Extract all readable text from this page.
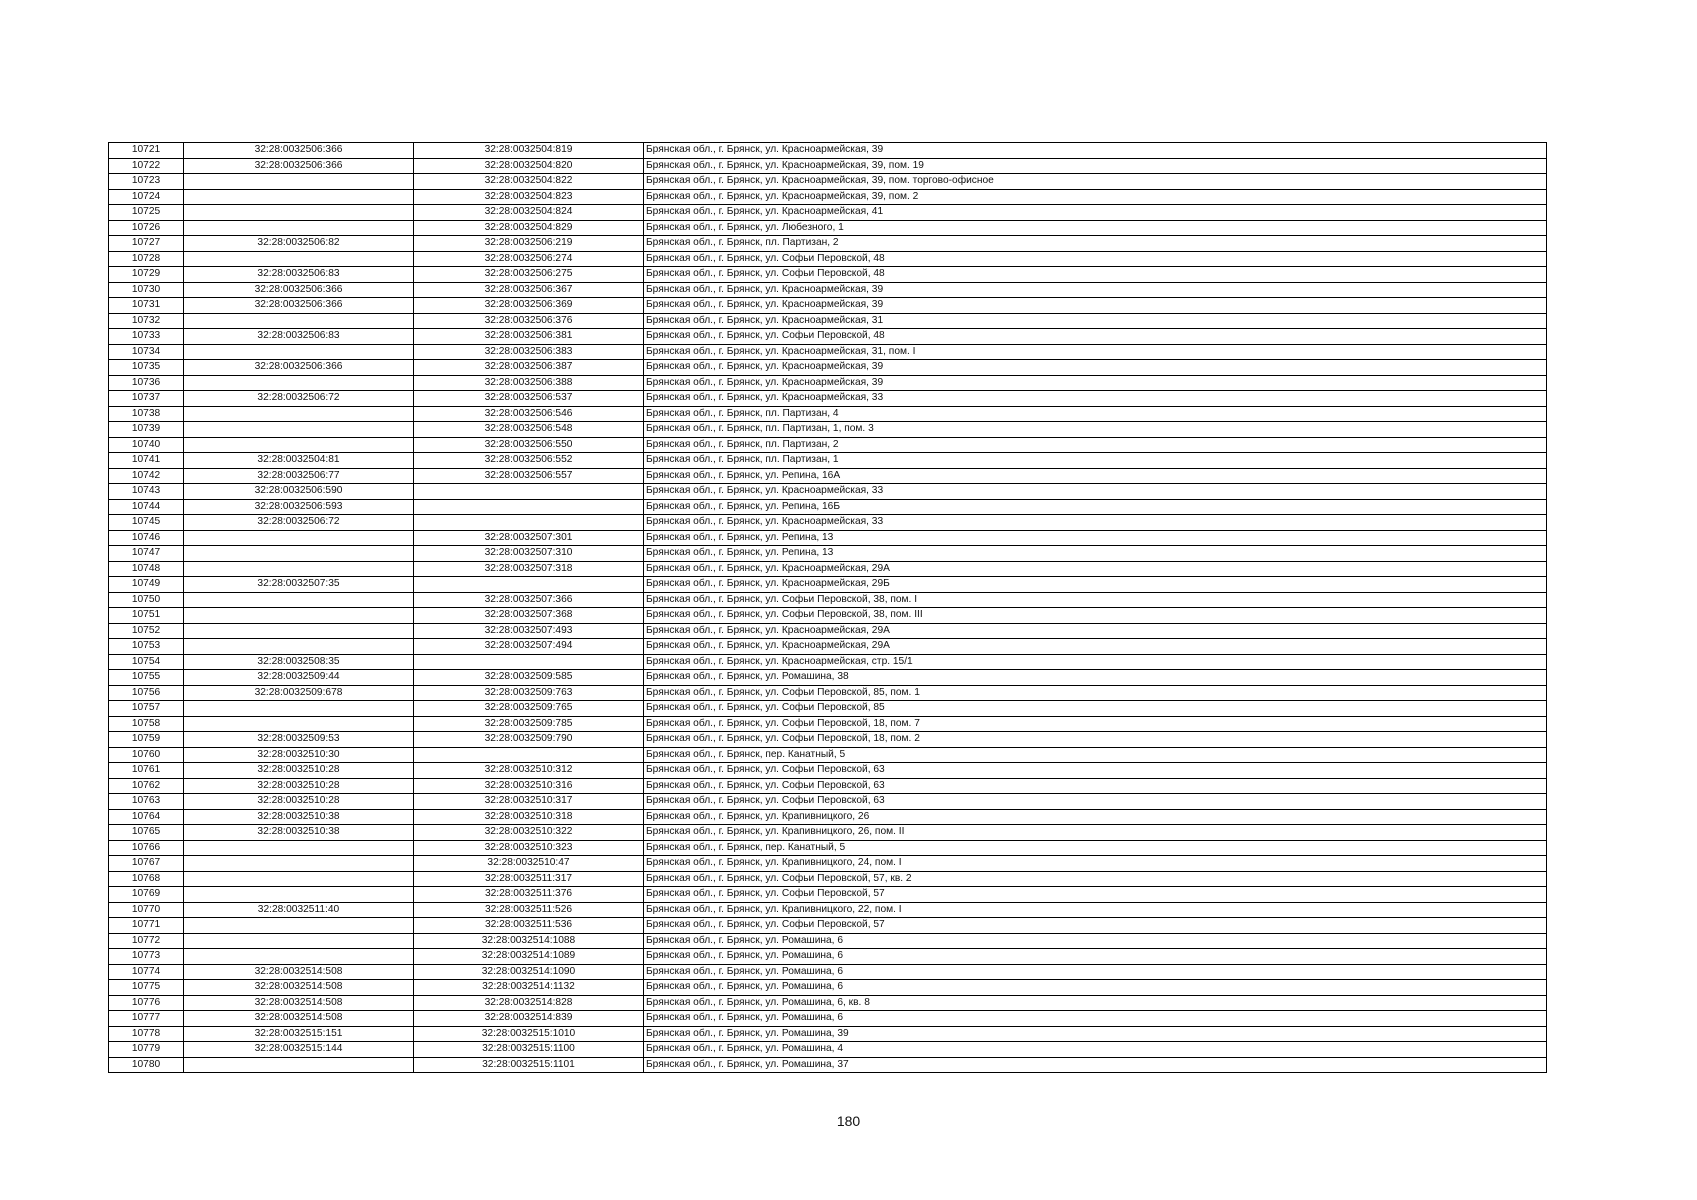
10721	32:28:0032506:366	32:28:0032504:819	Брянская обл., г. Брянск, ул. Красноармейская, 39
10722	32:28:0032506:366	32:28:0032504:820	Брянская обл., г. Брянск, ул. Красноармейская, 39, пом. 19
10723		32:28:0032504:822	Брянская обл., г. Брянск, ул. Красноармейская, 39, пом. торгово-офисное
10724		32:28:0032504:823	Брянская обл., г. Брянск, ул. Красноармейская, 39, пом. 2
10725		32:28:0032504:824	Брянская обл., г. Брянск, ул. Красноармейская, 41
10726		32:28:0032504:829	Брянская обл., г. Брянск, ул. Любезного, 1
10727	32:28:0032506:82	32:28:0032506:219	Брянская обл., г. Брянск, пл. Партизан, 2
10728		32:28:0032506:274	Брянская обл., г. Брянск, ул. Софьи Перовской, 48
10729	32:28:0032506:83	32:28:0032506:275	Брянская обл., г. Брянск, ул. Софьи Перовской, 48
10730	32:28:0032506:366	32:28:0032506:367	Брянская обл., г. Брянск, ул. Красноармейская, 39
10731	32:28:0032506:366	32:28:0032506:369	Брянская обл., г. Брянск, ул. Красноармейская, 39
10732		32:28:0032506:376	Брянская обл., г. Брянск, ул. Красноармейская, 31
10733	32:28:0032506:83	32:28:0032506:381	Брянская обл., г. Брянск, ул. Софьи Перовской, 48
10734		32:28:0032506:383	Брянская обл., г. Брянск, ул. Красноармейская, 31, пом. I
10735	32:28:0032506:366	32:28:0032506:387	Брянская обл., г. Брянск, ул. Красноармейская, 39
10736		32:28:0032506:388	Брянская обл., г. Брянск, ул. Красноармейская, 39
10737	32:28:0032506:72	32:28:0032506:537	Брянская обл., г. Брянск, ул. Красноармейская, 33
10738		32:28:0032506:546	Брянская обл., г. Брянск, пл. Партизан, 4
10739		32:28:0032506:548	Брянская обл., г. Брянск, пл. Партизан, 1, пом. 3
10740		32:28:0032506:550	Брянская обл., г. Брянск, пл. Партизан, 2
10741	32:28:0032504:81	32:28:0032506:552	Брянская обл., г. Брянск, пл. Партизан, 1
10742	32:28:0032506:77	32:28:0032506:557	Брянская обл., г. Брянск, ул. Репина, 16А
10743	32:28:0032506:590		Брянская обл., г. Брянск, ул. Красноармейская, 33
10744	32:28:0032506:593		Брянская обл., г. Брянск, ул. Репина, 16Б
10745	32:28:0032506:72		Брянская обл., г. Брянск, ул. Красноармейская, 33
10746		32:28:0032507:301	Брянская обл., г. Брянск, ул. Репина, 13
10747		32:28:0032507:310	Брянская обл., г. Брянск, ул. Репина, 13
10748		32:28:0032507:318	Брянская обл., г. Брянск, ул. Красноармейская, 29А
10749	32:28:0032507:35		Брянская обл., г. Брянск, ул. Красноармейская, 29Б
10750		32:28:0032507:366	Брянская обл., г. Брянск, ул. Софьи Перовской, 38, пом. I
10751		32:28:0032507:368	Брянская обл., г. Брянск, ул. Софьи Перовской, 38, пом. III
10752		32:28:0032507:493	Брянская обл., г. Брянск, ул. Красноармейская, 29А
10753		32:28:0032507:494	Брянская обл., г. Брянск, ул. Красноармейская, 29А
10754	32:28:0032508:35		Брянская обл., г. Брянск, ул. Красноармейская, стр. 15/1
10755	32:28:0032509:44	32:28:0032509:585	Брянская обл., г. Брянск, ул. Ромашина, 38
10756	32:28:0032509:678	32:28:0032509:763	Брянская обл., г. Брянск, ул. Софьи Перовской, 85, пом. 1
10757		32:28:0032509:765	Брянская обл., г. Брянск, ул. Софьи Перовской, 85
10758		32:28:0032509:785	Брянская обл., г. Брянск, ул. Софьи Перовской, 18, пом. 7
10759	32:28:0032509:53	32:28:0032509:790	Брянская обл., г. Брянск, ул. Софьи Перовской, 18, пом. 2
10760	32:28:0032510:30		Брянская обл., г. Брянск, пер. Канатный, 5
10761	32:28:0032510:28	32:28:0032510:312	Брянская обл., г. Брянск, ул. Софьи Перовской, 63
10762	32:28:0032510:28	32:28:0032510:316	Брянская обл., г. Брянск, ул. Софьи Перовской, 63
10763	32:28:0032510:28	32:28:0032510:317	Брянская обл., г. Брянск, ул. Софьи Перовской, 63
10764	32:28:0032510:38	32:28:0032510:318	Брянская обл., г. Брянск, ул. Крапивницкого, 26
10765	32:28:0032510:38	32:28:0032510:322	Брянская обл., г. Брянск, ул. Крапивницкого, 26, пом. II
10766		32:28:0032510:323	Брянская обл., г. Брянск, пер. Канатный, 5
10767		32:28:0032510:47	Брянская обл., г. Брянск, ул. Крапивницкого, 24, пом. I
10768		32:28:0032511:317	Брянская обл., г. Брянск, ул. Софьи Перовской, 57, кв. 2
10769		32:28:0032511:376	Брянская обл., г. Брянск, ул. Софьи Перовской, 57
10770	32:28:0032511:40	32:28:0032511:526	Брянская обл., г. Брянск, ул. Крапивницкого, 22, пом. I
10771		32:28:0032511:536	Брянская обл., г. Брянск, ул. Софьи Перовской, 57
10772		32:28:0032514:1088	Брянская обл., г. Брянск, ул. Ромашина, 6
10773		32:28:0032514:1089	Брянская обл., г. Брянск, ул. Ромашина, 6
10774	32:28:0032514:508	32:28:0032514:1090	Брянская обл., г. Брянск, ул. Ромашина, 6
10775	32:28:0032514:508	32:28:0032514:1132	Брянская обл., г. Брянск, ул. Ромашина, 6
10776	32:28:0032514:508	32:28:0032514:828	Брянская обл., г. Брянск, ул. Ромашина, 6, кв. 8
10777	32:28:0032514:508	32:28:0032514:839	Брянская обл., г. Брянск, ул. Ромашина, 6
10778	32:28:0032515:151	32:28:0032515:1010	Брянская обл., г. Брянск, ул. Ромашина, 39
10779	32:28:0032515:144	32:28:0032515:1100	Брянская обл., г. Брянск, ул. Ромашина, 4
10780		32:28:0032515:1101	Брянская обл., г. Брянск, ул. Ромашина, 37
180
